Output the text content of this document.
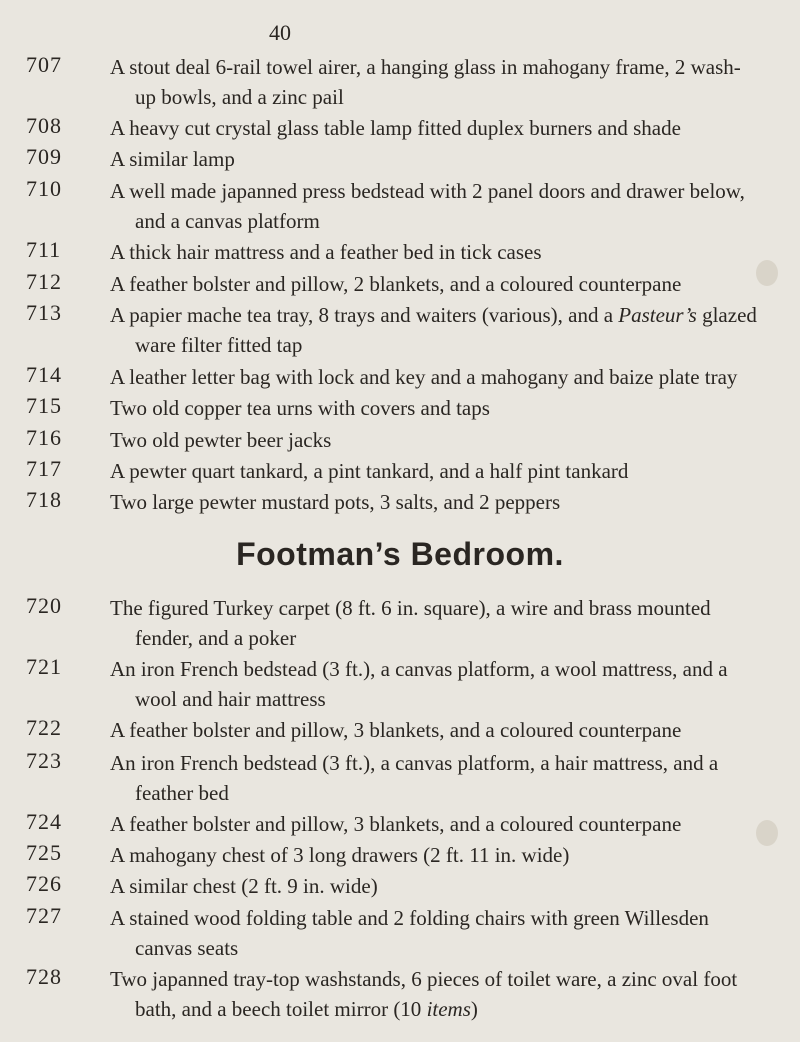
40
707	A stout deal 6-rail towel airer, a hanging glass in mahogany frame, 2 wash-
up bowls, and a zinc pail
708	A heavy cut crystal glass table lamp fitted duplex burners and shade
709	A similar lamp
710	A well made japanned press bedstead with 2 panel doors and drawer below,
and a canvas platform
711	A thick hair mattress and a feather bed in tick cases
712	A feather bolster and pillow, 2 blankets, and a coloured counterpane
713	A papier mache tea tray, 8 trays and waiters (various), and a Pasteur’s glazed
ware filter fitted tap
714	A leather letter bag with lock and key and a mahogany and baize plate tray
715	Two old copper tea urns with covers and taps
716	Two old pewter beer jacks
717	A pewter quart tankard, a pint tankard, and a half pint tankard
718	Two large pewter mustard pots, 3 salts, and 2 peppers
Footman’s Bedroom.
720	The figured Turkey carpet (8 ft. 6 in. square), a wire and brass mounted
fender, and a poker
721	An iron French bedstead (3 ft.), a canvas platform, a wool mattress, and a
wool and hair mattress
722	A feather bolster and pillow, 3 blankets, and a coloured counterpane
723	An iron French bedstead (3 ft.), a canvas platform, a hair mattress, and a
feather bed
724	A feather bolster and pillow, 3 blankets, and a coloured counterpane
725	A mahogany chest of 3 long drawers (2 ft. 11 in. wide)
726	A similar chest (2 ft. 9 in. wide)
727	A stained wood folding table and 2 folding chairs with green Willesden
canvas seats
728	Two japanned tray-top washstands, 6 pieces of toilet ware, a zinc oval foot
bath, and a beech toilet mirror (10 items)
